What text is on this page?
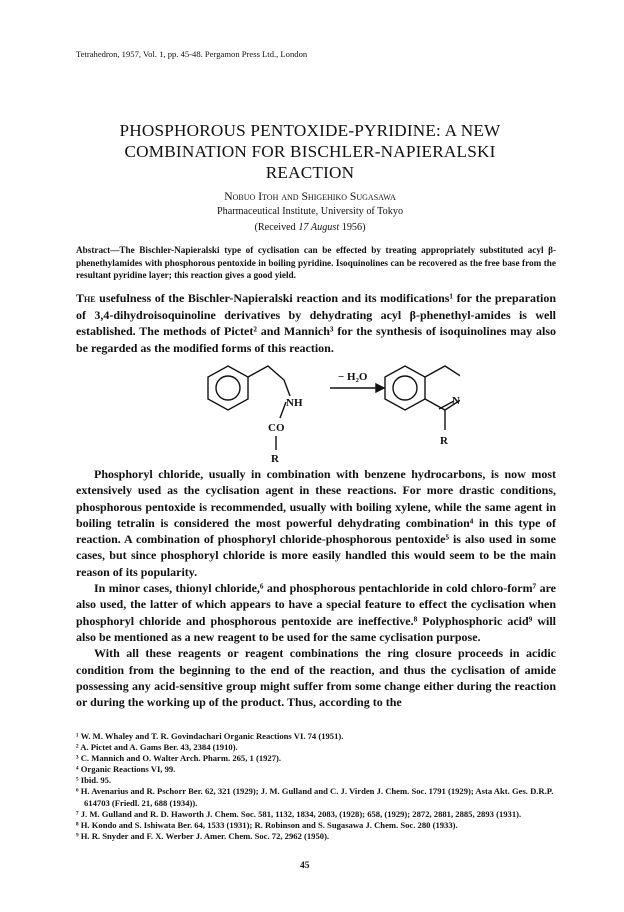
Tetrahedron, 1957, Vol. 1, pp. 45-48. Pergamon Press Ltd., London
PHOSPHOROUS PENTOXIDE-PYRIDINE: A NEW
COMBINATION FOR BISCHLER-NAPIERALSKI
REACTION
Nobuo Itoh and Shigehiko Sugasawa
Pharmaceutical Institute, University of Tokyo
(Received 17 August 1956)
Abstract—The Bischler-Napieralski type of cyclisation can be effected by treating appropriately substituted acyl β-phenethylamides with phosphorous pentoxide in boiling pyridine. Isoquinolines can be recovered as the free base from the resultant pyridine layer; this reaction gives a good yield.
The usefulness of the Bischler-Napieralski reaction and its modifications¹ for the preparation of 3,4-dihydroisoquinoline derivatives by dehydrating acyl β-phenethyl-amides is well established. The methods of Pictet² and Mannich³ for the synthesis of isoquinolines may also be regarded as the modified forms of this reaction.
− H₂O
NH
CO
R
N
R

Phosphoryl chloride, usually in combination with benzene hydrocarbons, is now most extensively used as the cyclisation agent in these reactions. For more drastic conditions, phosphorous pentoxide is recommended, usually with boiling xylene, while the same agent in boiling tetralin is considered the most powerful dehydrating combination⁴ in this type of reaction. A combination of phosphoryl chloride-phosphorous pentoxide⁵ is also used in some cases, but since phosphoryl chloride is more easily handled this would seem to be the main reason of its popularity.

In minor cases, thionyl chloride,⁶ and phosphorous pentachloride in cold chloro-form⁷ are also used, the latter of which appears to have a special feature to effect the cyclisation when phosphoryl chloride and phosphorous pentoxide are ineffective.⁸ Polyphosphoric acid⁹ will also be mentioned as a new reagent to be used for the same cyclisation purpose.

With all these reagents or reagent combinations the ring closure proceeds in acidic condition from the beginning to the end of the reaction, and thus the cyclisation of amide possessing any acid-sensitive group might suffer from some change either during the reaction or during the working up of the product. Thus, according to the

¹ W. M. Whaley and T. R. Govindachari Organic Reactions VI. 74 (1951).
² A. Pictet and A. Gams Ber. 43, 2384 (1910).
³ C. Mannich and O. Walter Arch. Pharm. 265, 1 (1927).
⁴ Organic Reactions VI, 99.
⁵ Ibid. 95.
⁶ H. Avenarius and R. Pschorr Ber. 62, 321 (1929); J. M. Gulland and C. J. Virden J. Chem. Soc. 1791 (1929); Asta Akt. Ges. D.R.P. 614703 (Friedl. 21, 688 (1934)).
⁷ J. M. Gulland and R. D. Haworth J. Chem. Soc. 581, 1132, 1834, 2083, (1928); 658, (1929); 2872, 2881, 2885, 2893 (1931).
⁸ H. Kondo and S. Ishiwata Ber. 64, 1533 (1931); R. Robinson and S. Sugasawa J. Chem. Soc. 280 (1933).
⁹ H. R. Snyder and F. X. Werber J. Amer. Chem. Soc. 72, 2962 (1950).
45
